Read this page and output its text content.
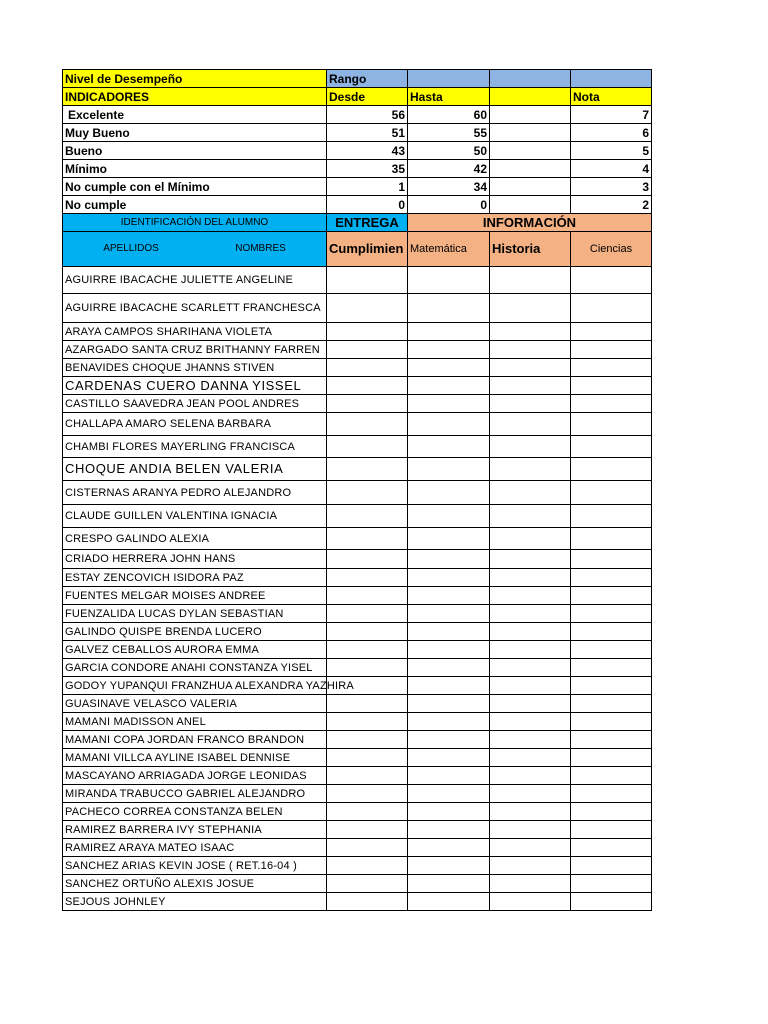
Nivel de Desempeño	Rango			
INDICADORES	Desde	Hasta		Nota
Excelente	56	60		7
Muy Bueno	51	55		6
Bueno	43	50		5
Mínimo	35	42		4
No cumple con el Mínimo	1	34		3
No cumple	0	0		2
IDENTIFICACIÓN DEL ALUMNO	ENTREGA	INFORMACIÓN		

APELLIDOS NOMBRES	Cumplimien	Matemática	Historia	Ciencias
AGUIRRE IBACACHE JULIETTE ANGELINE				
AGUIRRE IBACACHE SCARLETT FRANCHESCA				
ARAYA CAMPOS SHARIHANA VIOLETA				
AZARGADO SANTA CRUZ BRITHANNY FARREN				
BENAVIDES CHOQUE JHANNS STIVEN				
CARDENAS CUERO DANNA YISSEL				
CASTILLO SAAVEDRA JEAN POOL ANDRES				
CHALLAPA AMARO SELENA BARBARA				
CHAMBI FLORES MAYERLING FRANCISCA				
CHOQUE ANDIA BELEN VALERIA				
CISTERNAS ARANYA PEDRO ALEJANDRO				
CLAUDE GUILLEN VALENTINA IGNACIA				
CRESPO GALINDO ALEXIA				
CRIADO HERRERA JOHN HANS				
ESTAY ZENCOVICH ISIDORA PAZ				
FUENTES MELGAR MOISES ANDREE				
FUENZALIDA LUCAS DYLAN SEBASTIAN				
GALINDO QUISPE BRENDA LUCERO				
GALVEZ CEBALLOS AURORA EMMA				
GARCIA CONDORE ANAHI CONSTANZA YISEL				
GODOY YUPANQUI FRANZHUA ALEXANDRA YAZHIRA				
GUASINAVE VELASCO VALERIA				
MAMANI MADISSON ANEL				
MAMANI COPA JORDAN FRANCO BRANDON				
MAMANI VILLCA AYLINE ISABEL DENNISE				
MASCAYANO ARRIAGADA JORGE LEONIDAS				
MIRANDA TRABUCCO GABRIEL ALEJANDRO				
PACHECO CORREA CONSTANZA BELEN				
RAMIREZ BARRERA IVY STEPHANIA				
RAMIREZ ARAYA MATEO ISAAC				
SANCHEZ ARIAS KEVIN JOSE ( RET.16-04 )				
SANCHEZ ORTUÑO ALEXIS JOSUE				
SEJOUS JOHNLEY				
